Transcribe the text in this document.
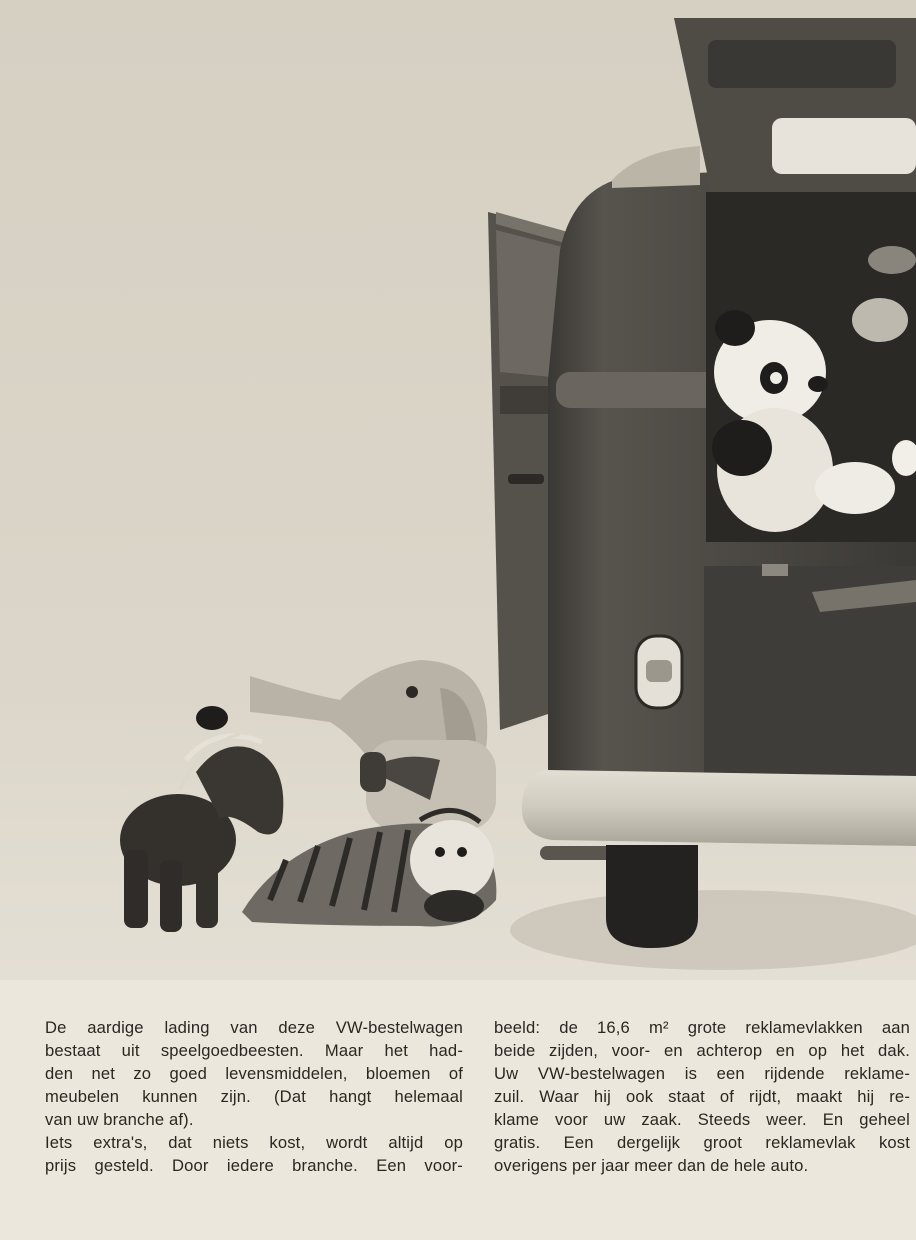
De aardige lading van deze VW-bestelwagen
bestaat uit speelgoedbeesten. Maar het had-
den net zo goed levensmiddelen, bloemen of
meubelen kunnen zijn. (Dat hangt helemaal
van uw branche af).
Iets extra's, dat niets kost, wordt altijd op
prijs gesteld. Door iedere branche. Een voor-
beeld: de 16,6 m² grote reklamevlakken aan
beide zijden, voor- en achterop en op het dak.
Uw VW-bestelwagen is een rijdende reklame-
zuil. Waar hij ook staat of rijdt, maakt hij re-
klame voor uw zaak. Steeds weer. En geheel
gratis. Een dergelijk groot reklamevlak kost
overigens per jaar meer dan de hele auto.
